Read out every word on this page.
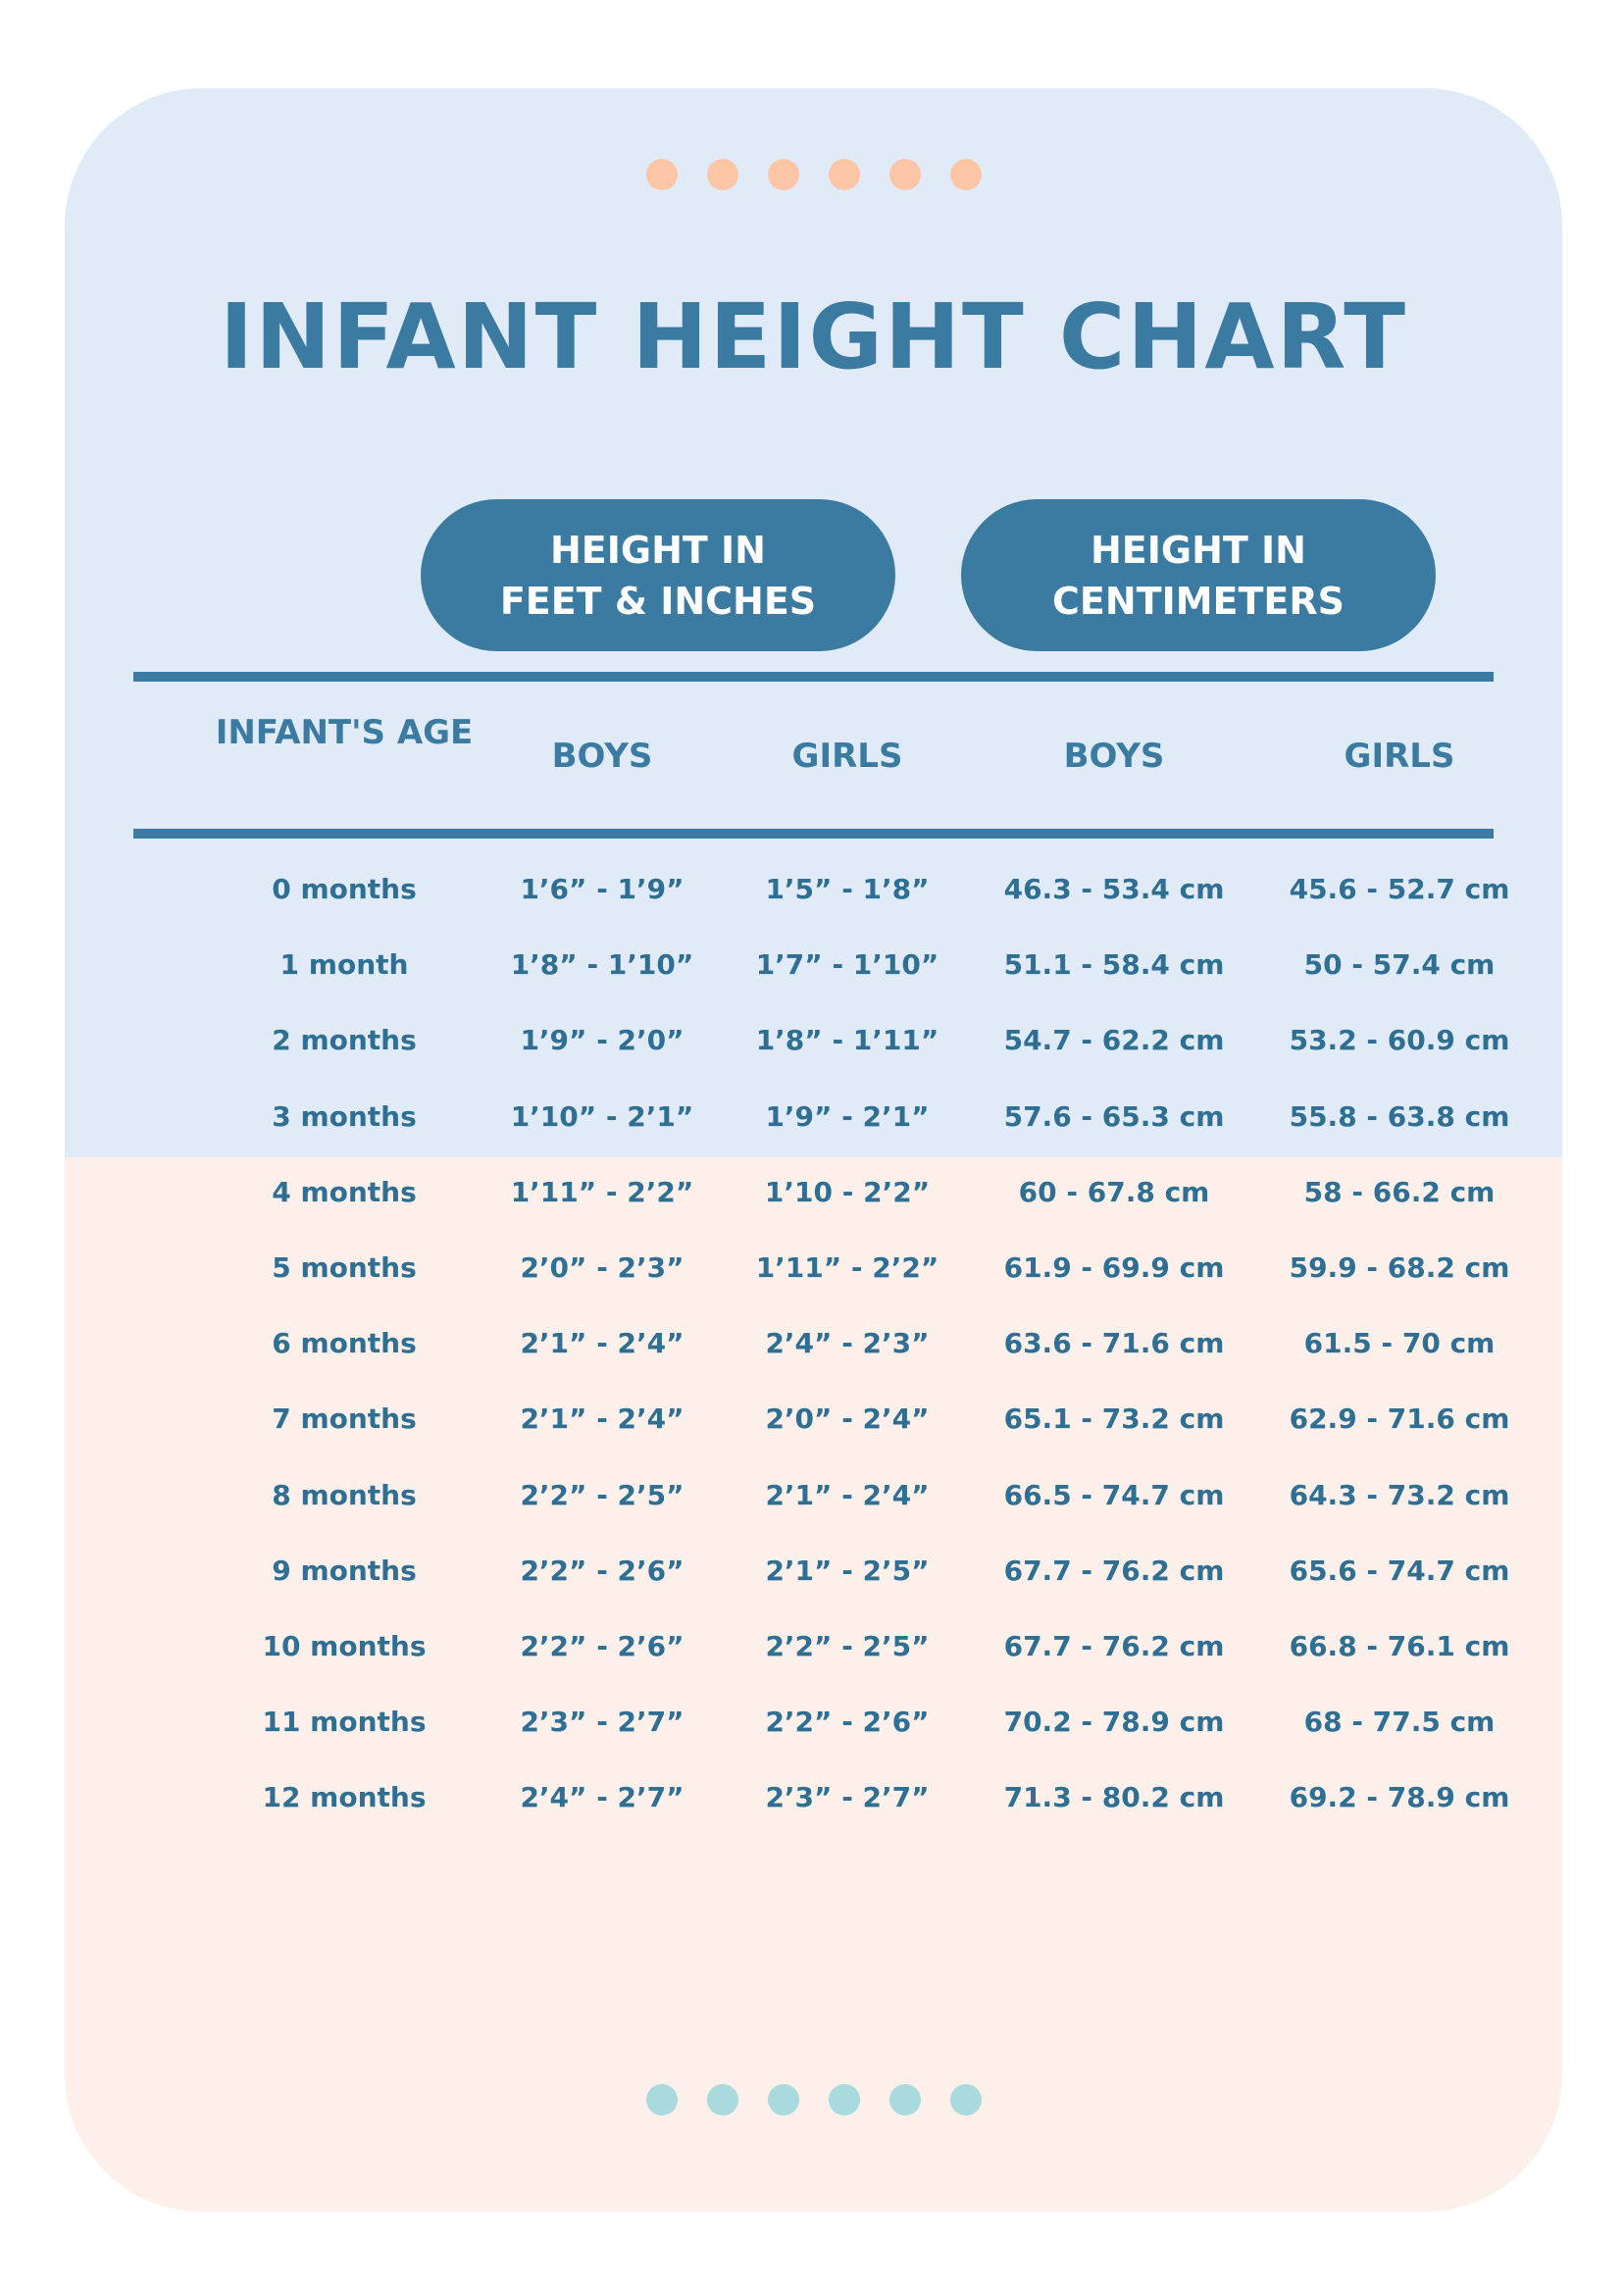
INFANT HEIGHT CHART
HEIGHT IN
FEET & INCHES
HEIGHT IN
CENTIMETERS
INFANT'S AGE
BOYS	GIRLS	BOYS	GIRLS
0 months	1’6” - 1’9”	1’5” - 1’8”	46.3 - 53.4 cm	45.6 - 52.7 cm
1 month	1’8” - 1’10”	1’7” - 1’10”	51.1 - 58.4 cm	50 - 57.4 cm
2 months	1’9” - 2’0”	1’8” - 1’11”	54.7 - 62.2 cm	53.2 - 60.9 cm
3 months	1’10” - 2’1”	1’9” - 2’1”	57.6 - 65.3 cm	55.8 - 63.8 cm
4 months	1’11” - 2’2”	1’10 - 2’2”	60 - 67.8 cm	58 - 66.2 cm
5 months	2’0” - 2’3”	1’11” - 2’2”	61.9 - 69.9 cm	59.9 - 68.2 cm
6 months	2’1” - 2’4”	2’4” - 2’3”	63.6 - 71.6 cm	61.5 - 70 cm
7 months	2’1” - 2’4”	2’0” - 2’4”	65.1 - 73.2 cm	62.9 - 71.6 cm
8 months	2’2” - 2’5”	2’1” - 2’4”	66.5 - 74.7 cm	64.3 - 73.2 cm
9 months	2’2” - 2’6”	2’1” - 2’5”	67.7 - 76.2 cm	65.6 - 74.7 cm
10 months	2’2” - 2’6”	2’2” - 2’5”	67.7 - 76.2 cm	66.8 - 76.1 cm
11 months	2’3” - 2’7”	2’2” - 2’6”	70.2 - 78.9 cm	68 - 77.5 cm
12 months	2’4” - 2’7”	2’3” - 2’7”	71.3 - 80.2 cm	69.2 - 78.9 cm
